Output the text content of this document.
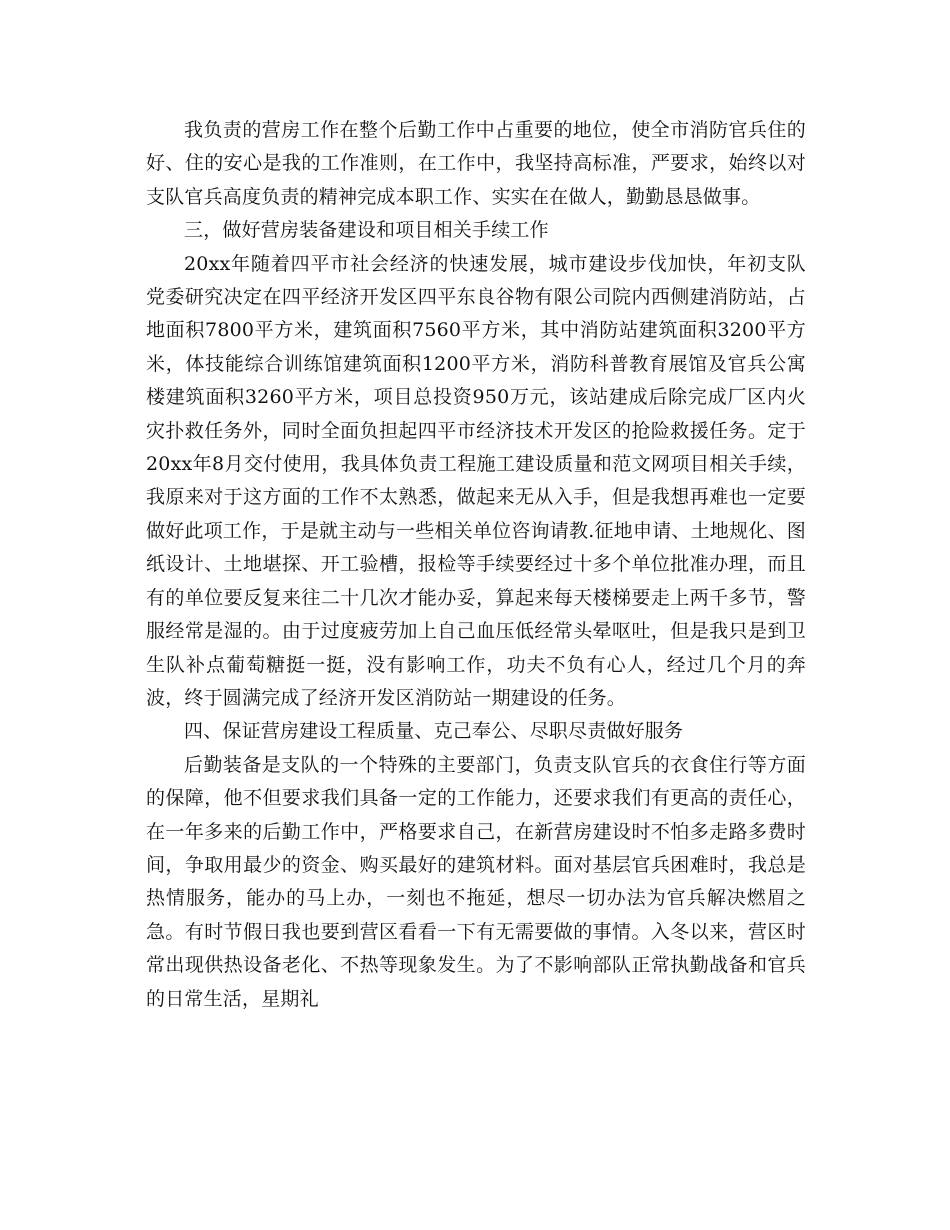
我负责的营房工作在整个后勤工作中占重要的地位，使全市消防官兵住的好、住的安心是我的工作准则，在工作中，我坚持高标准，严要求，始终以对支队官兵高度负责的精神完成本职工作、实实在在做人，勤勤恳恳做事。

三，做好营房装备建设和项目相关手续工作

20xx年随着四平市社会经济的快速发展，城市建设步伐加快，年初支队党委研究决定在四平经济开发区四平东良谷物有限公司院内西侧建消防站，占地面积7800平方米，建筑面积7560平方米，其中消防站建筑面积3200平方米，体技能综合训练馆建筑面积1200平方米，消防科普教育展馆及官兵公寓楼建筑面积3260平方米，项目总投资950万元，该站建成后除完成厂区内火灾扑救任务外，同时全面负担起四平市经济技术开发区的抢险救援任务。定于20xx年8月交付使用，我具体负责工程施工建设质量和范文网项目相关手续，我原来对于这方面的工作不太熟悉，做起来无从入手，但是我想再难也一定要做好此项工作，于是就主动与一些相关单位咨询请教.征地申请、土地规化、图纸设计、土地堪探、开工验槽，报检等手续要经过十多个单位批准办理，而且有的单位要反复来往二十几次才能办妥，算起来每天楼梯要走上两千多节，警服经常是湿的。由于过度疲劳加上自己血压低经常头晕呕吐，但是我只是到卫生队补点葡萄糖挺一挺，没有影响工作，功夫不负有心人，经过几个月的奔波，终于圆满完成了经济开发区消防站一期建设的任务。

四、保证营房建设工程质量、克己奉公、尽职尽责做好服务

后勤装备是支队的一个特殊的主要部门，负责支队官兵的衣食住行等方面的保障，他不但要求我们具备一定的工作能力，还要求我们有更高的责任心，在一年多来的后勤工作中，严格要求自己，在新营房建设时不怕多走路多费时间，争取用最少的资金、购买最好的建筑材料。面对基层官兵困难时，我总是热情服务，能办的马上办，一刻也不拖延，想尽一切办法为官兵解决燃眉之急。有时节假日我也要到营区看看一下有无需要做的事情。入冬以来，营区时常出现供热设备老化、不热等现象发生。为了不影响部队正常执勤战备和官兵的日常生活，星期礼
